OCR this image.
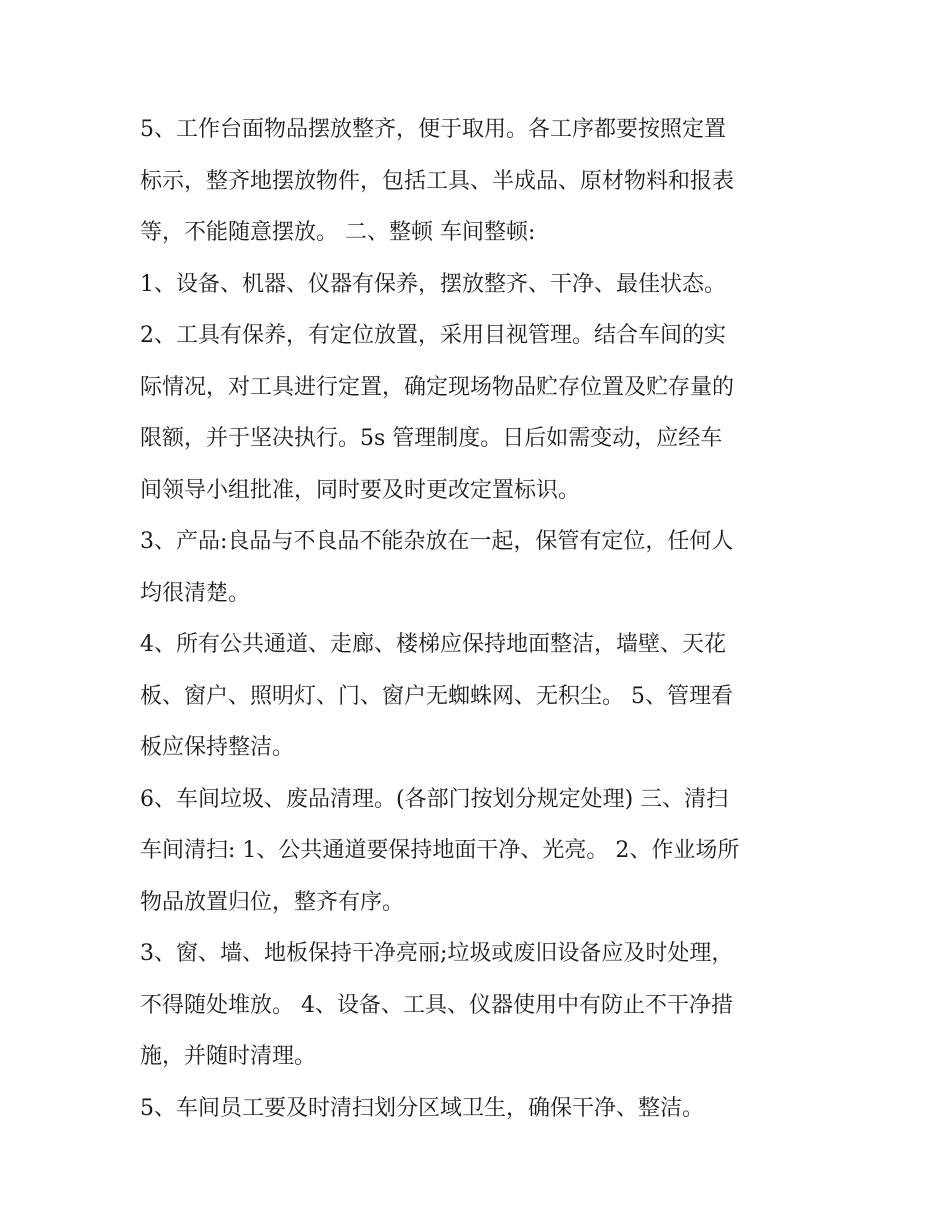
5、工作台面物品摆放整齐，便于取用。各工序都要按照定置

标示，整齐地摆放物件，包括工具、半成品、原材物料和报表

等，不能随意摆放。 二、整顿 车间整顿:

1、设备、机器、仪器有保养，摆放整齐、干净、最佳状态。

2、工具有保养，有定位放置，采用目视管理。结合车间的实

际情况，对工具进行定置，确定现场物品贮存位置及贮存量的

限额，并于坚决执行。5s 管理制度。日后如需变动，应经车

间领导小组批准，同时要及时更改定置标识。

3、产品:良品与不良品不能杂放在一起，保管有定位，任何人

均很清楚。

4、所有公共通道、走廊、楼梯应保持地面整洁，墙壁、天花

板、窗户、照明灯、门、窗户无蜘蛛网、无积尘。 5、管理看

板应保持整洁。

6、车间垃圾、废品清理。(各部门按划分规定处理) 三、清扫

车间清扫: 1、公共通道要保持地面干净、光亮。 2、作业场所

物品放置归位，整齐有序。

3、窗、墙、地板保持干净亮丽;垃圾或废旧设备应及时处理，

不得随处堆放。 4、设备、工具、仪器使用中有防止不干净措

施，并随时清理。

5、车间员工要及时清扫划分区域卫生，确保干净、整洁。
